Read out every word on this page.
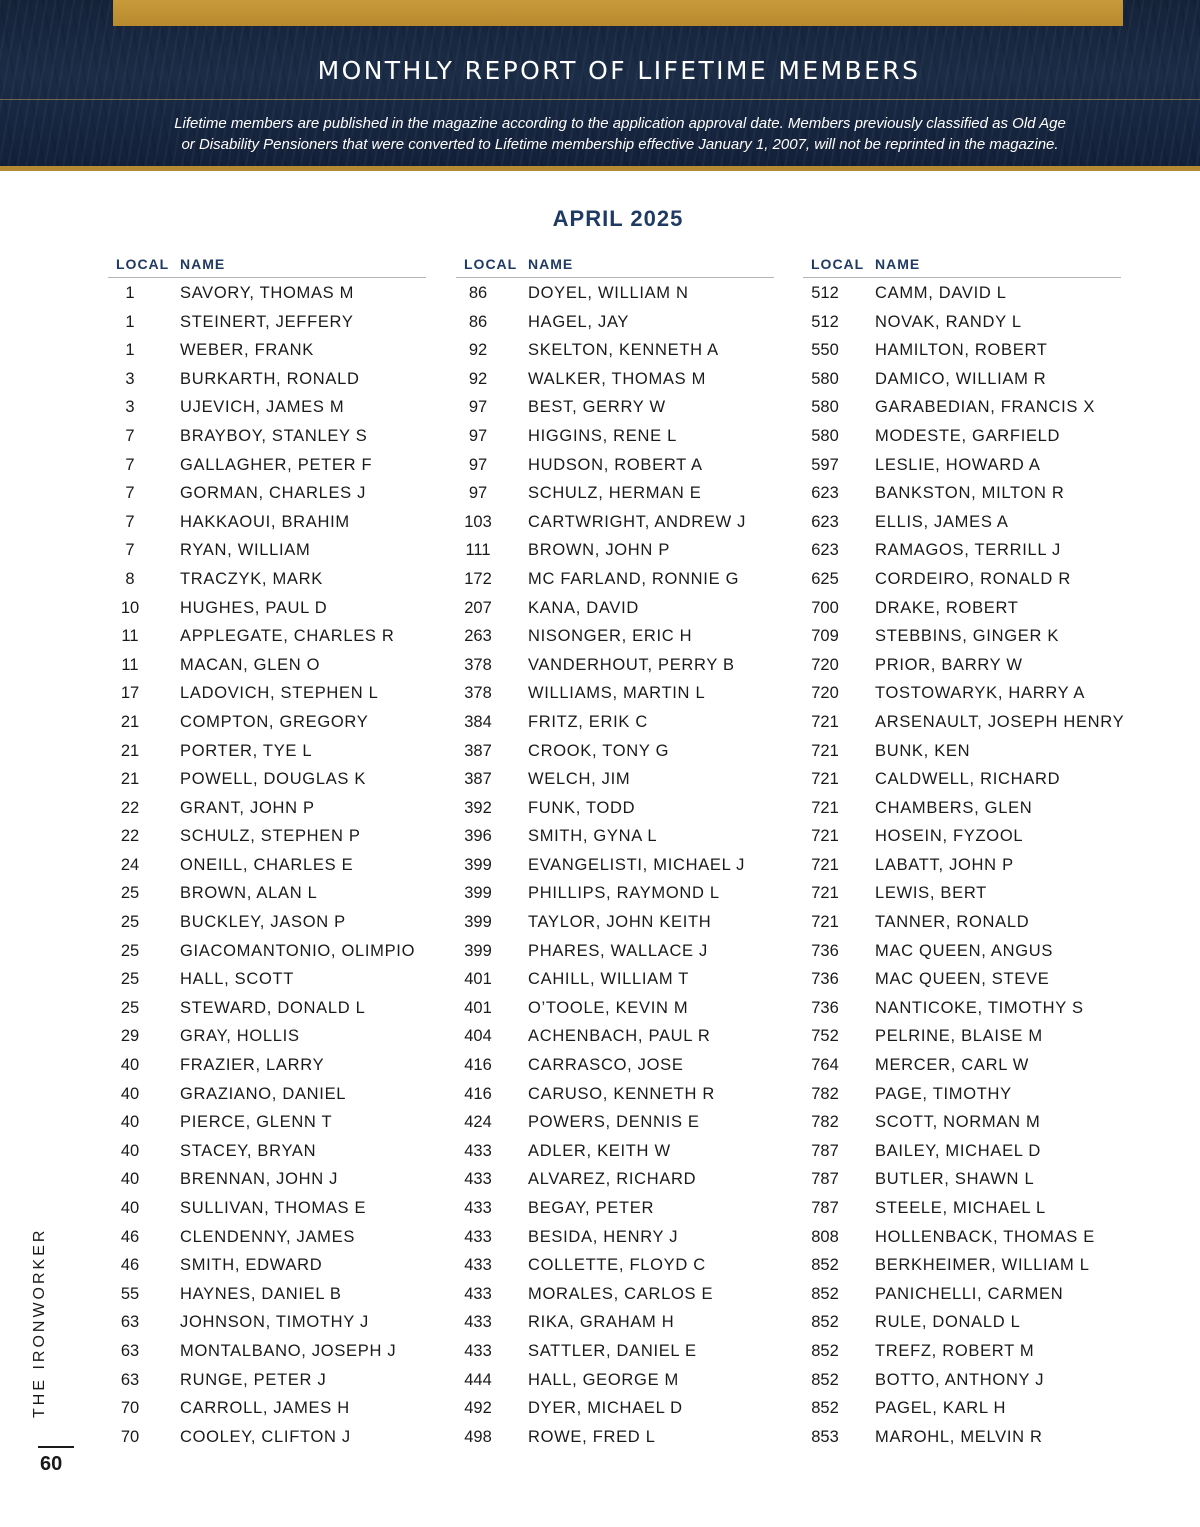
MONTHLY REPORT OF LIFETIME MEMBERS
Lifetime members are published in the magazine according to the application approval date. Members previously classified as Old Age
or Disability Pensioners that were converted to Lifetime membership effective January 1, 2007, will not be reprinted in the magazine.
APRIL 2025
LOCAL NAME
1	SAVORY, THOMAS M
1	STEINERT, JEFFERY
1	WEBER, FRANK
3	BURKARTH, RONALD
3	UJEVICH, JAMES M
7	BRAYBOY, STANLEY S
7	GALLAGHER, PETER F
7	GORMAN, CHARLES J
7	HAKKAOUI, BRAHIM
7	RYAN, WILLIAM
8	TRACZYK, MARK
10	HUGHES, PAUL D
11	APPLEGATE, CHARLES R
11	MACAN, GLEN O
17	LADOVICH, STEPHEN L
21	COMPTON, GREGORY
21	PORTER, TYE L
21	POWELL, DOUGLAS K
22	GRANT, JOHN P
22	SCHULZ, STEPHEN P
24	ONEILL, CHARLES E
25	BROWN, ALAN L
25	BUCKLEY, JASON P
25	GIACOMANTONIO, OLIMPIO
25	HALL, SCOTT
25	STEWARD, DONALD L
29	GRAY, HOLLIS
40	FRAZIER, LARRY
40	GRAZIANO, DANIEL
40	PIERCE, GLENN T
40	STACEY, BRYAN
40	BRENNAN, JOHN J
40	SULLIVAN, THOMAS E
46	CLENDENNY, JAMES
46	SMITH, EDWARD
55	HAYNES, DANIEL B
63	JOHNSON, TIMOTHY J
63	MONTALBANO, JOSEPH J
63	RUNGE, PETER J
70	CARROLL, JAMES H
70	COOLEY, CLIFTON J
LOCAL NAME
86	DOYEL, WILLIAM N
86	HAGEL, JAY
92	SKELTON, KENNETH A
92	WALKER, THOMAS M
97	BEST, GERRY W
97	HIGGINS, RENE L
97	HUDSON, ROBERT A
97	SCHULZ, HERMAN E
103	CARTWRIGHT, ANDREW J
111	BROWN, JOHN P
172	MC FARLAND, RONNIE G
207	KANA, DAVID
263	NISONGER, ERIC H
378	VANDERHOUT, PERRY B
378	WILLIAMS, MARTIN L
384	FRITZ, ERIK C
387	CROOK, TONY G
387	WELCH, JIM
392	FUNK, TODD
396	SMITH, GYNA L
399	EVANGELISTI, MICHAEL J
399	PHILLIPS, RAYMOND L
399	TAYLOR, JOHN KEITH
399	PHARES, WALLACE J
401	CAHILL, WILLIAM T
401	O’TOOLE, KEVIN M
404	ACHENBACH, PAUL R
416	CARRASCO, JOSE
416	CARUSO, KENNETH R
424	POWERS, DENNIS E
433	ADLER, KEITH W
433	ALVAREZ, RICHARD
433	BEGAY, PETER
433	BESIDA, HENRY J
433	COLLETTE, FLOYD C
433	MORALES, CARLOS E
433	RIKA, GRAHAM H
433	SATTLER, DANIEL E
444	HALL, GEORGE M
492	DYER, MICHAEL D
498	ROWE, FRED L
LOCAL NAME
512	CAMM, DAVID L
512	NOVAK, RANDY L
550	HAMILTON, ROBERT
580	DAMICO, WILLIAM R
580	GARABEDIAN, FRANCIS X
580	MODESTE, GARFIELD
597	LESLIE, HOWARD A
623	BANKSTON, MILTON R
623	ELLIS, JAMES A
623	RAMAGOS, TERRILL J
625	CORDEIRO, RONALD R
700	DRAKE, ROBERT
709	STEBBINS, GINGER K
720	PRIOR, BARRY W
720	TOSTOWARYK, HARRY A
721	ARSENAULT, JOSEPH HENRY
721	BUNK, KEN
721	CALDWELL, RICHARD
721	CHAMBERS, GLEN
721	HOSEIN, FYZOOL
721	LABATT, JOHN P
721	LEWIS, BERT
721	TANNER, RONALD
736	MAC QUEEN, ANGUS
736	MAC QUEEN, STEVE
736	NANTICOKE, TIMOTHY S
752	PELRINE, BLAISE M
764	MERCER, CARL W
782	PAGE, TIMOTHY
782	SCOTT, NORMAN M
787	BAILEY, MICHAEL D
787	BUTLER, SHAWN L
787	STEELE, MICHAEL L
808	HOLLENBACK, THOMAS E
852	BERKHEIMER, WILLIAM L
852	PANICHELLI, CARMEN
852	RULE, DONALD L
852	TREFZ, ROBERT M
852	BOTTO, ANTHONY J
852	PAGEL, KARL H
853	MAROHL, MELVIN R
THE IRONWORKER
60
